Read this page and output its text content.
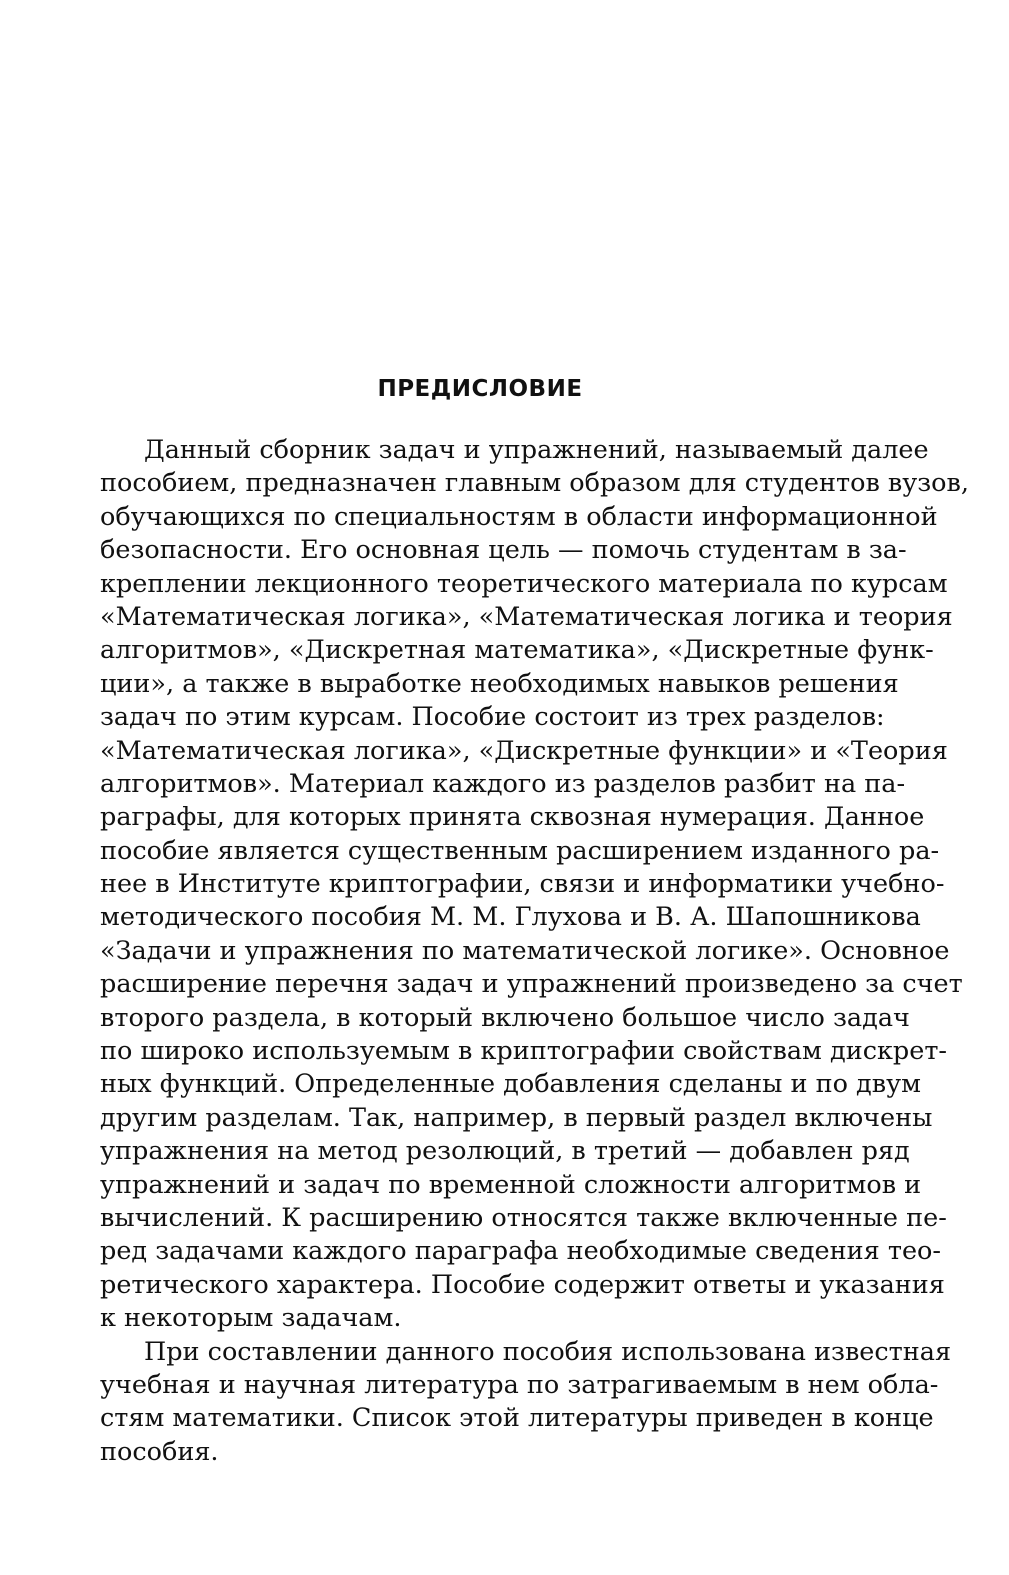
ПРЕДИСЛОВИЕ
Данный сборник задач и упражнений, называемый далее
пособием, предназначен главным образом для студентов вузов,
обучающихся по специальностям в области информационной
безопасности. Его основная цель — помочь студентам в за-
креплении лекционного теоретического материала по курсам
«Математическая логика», «Математическая логика и теория
алгоритмов», «Дискретная математика», «Дискретные функ-
ции», а также в выработке необходимых навыков решения
задач по этим курсам. Пособие состоит из трех разделов:
«Математическая логика», «Дискретные функции» и «Теория
алгоритмов». Материал каждого из разделов разбит на па-
раграфы, для которых принята сквозная нумерация. Данное
пособие является существенным расширением изданного ра-
нее в Институте криптографии, связи и информатики учебно-
методического пособия М. М. Глухова и В. А. Шапошникова
«Задачи и упражнения по математической логике». Основное
расширение перечня задач и упражнений произведено за счет
второго раздела, в который включено большое число задач
по широко используемым в криптографии свойствам дискрет-
ных функций. Определенные добавления сделаны и по двум
другим разделам. Так, например, в первый раздел включены
упражнения на метод резолюций, в третий — добавлен ряд
упражнений и задач по временной сложности алгоритмов и
вычислений. К расширению относятся также включенные пе-
ред задачами каждого параграфа необходимые сведения тео-
ретического характера. Пособие содержит ответы и указания
к некоторым задачам.
При составлении данного пособия использована известная
учебная и научная литература по затрагиваемым в нем обла-
стям математики. Список этой литературы приведен в конце
пособия.
